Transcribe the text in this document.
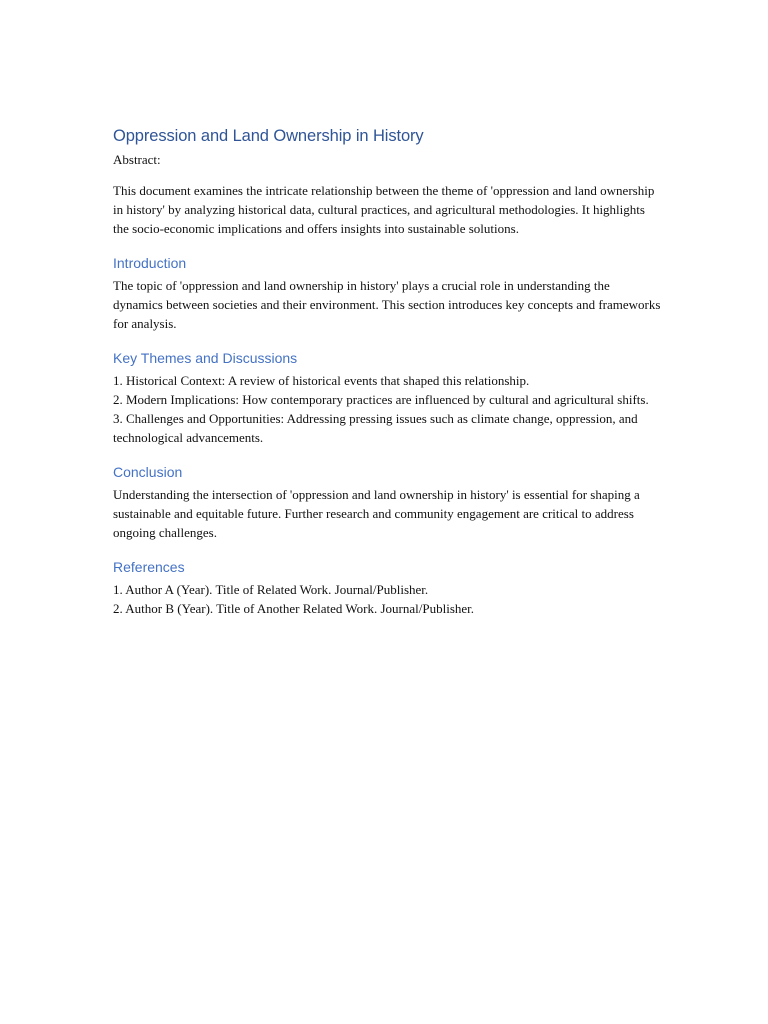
Oppression and Land Ownership in History

Abstract:

This document examines the intricate relationship between the theme of 'oppression and land ownership in history' by analyzing historical data, cultural practices, and agricultural methodologies. It highlights the socio-economic implications and offers insights into sustainable solutions.

Introduction

The topic of 'oppression and land ownership in history' plays a crucial role in understanding the dynamics between societies and their environment. This section introduces key concepts and frameworks for analysis.

Key Themes and Discussions
1. Historical Context: A review of historical events that shaped this relationship.
2. Modern Implications: How contemporary practices are influenced by cultural and agricultural shifts.
3. Challenges and Opportunities: Addressing pressing issues such as climate change, oppression, and technological advancements.
Conclusion

Understanding the intersection of 'oppression and land ownership in history' is essential for shaping a sustainable and equitable future. Further research and community engagement are critical to address ongoing challenges.

References
1. Author A (Year). Title of Related Work. Journal/Publisher.
2. Author B (Year). Title of Another Related Work. Journal/Publisher.
